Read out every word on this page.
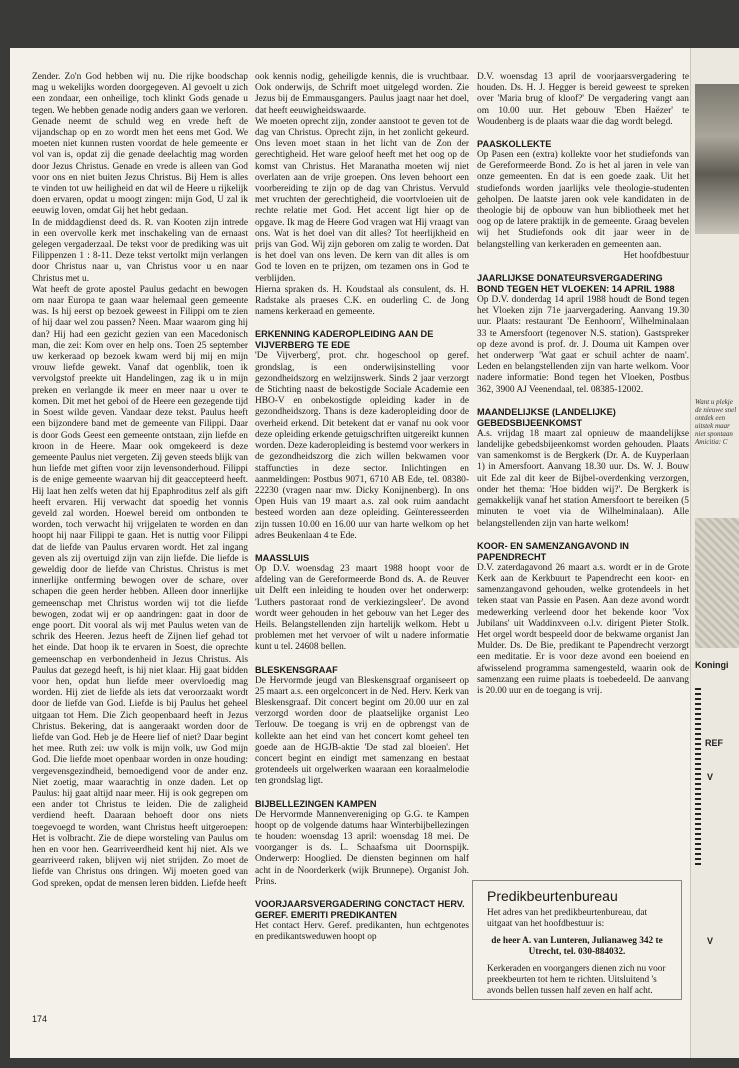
Zender. Zo'n God hebben wij nu. Die rijke boodschap mag u wekelijks worden doorgegeven. Al gevoelt u zich een zondaar, een onheilige, toch klinkt Gods genade u tegen. We hebben genade nodig anders gaan we verloren. Genade neemt de schuld weg en vrede heft de vijandschap op en zo wordt men het eens met God. We moeten niet kunnen rusten voordat de hele gemeente er vol van is, opdat zij die genade deelachtig mag worden door Jezus Christus. Genade en vrede is alleen van God voor ons en niet buiten Jezus Christus. Bij Hem is alles te vinden tot uw heiligheid en dat wil de Heere u rijkelijk doen ervaren, opdat u moogt zingen: mijn God, U zal ik eeuwig loven, omdat Gij het hebt gedaan.

In de middagdienst deed ds. R. van Kooten zijn intrede in een overvolle kerk met inschakeling van de ernaast gelegen vergaderzaal. De tekst voor de prediking was uit Filippenzen 1 : 8-11. Deze tekst vertolkt mijn verlangen door Christus naar u, van Christus voor u en naar Christus met u.

Wat heeft de grote apostel Paulus gedacht en bewogen om naar Europa te gaan waar helemaal geen gemeente was. Is hij eerst op bezoek geweest in Filippi om te zien of hij daar wel zou passen? Neen. Maar waarom ging hij dan? Hij had een gezicht gezien van een Macedonisch man, die zei: Kom over en help ons. Toen 25 september uw kerkeraad op bezoek kwam werd bij mij en mijn vrouw liefde gewekt. Vanaf dat ogenblik, toen ik vervolgstof preekte uit Handelingen, zag ik u in mijn preken en verlangde ik meer en meer naar u over te komen. Dit met het geboi of de Heere een gezegende tijd in Soest wilde geven. Vandaar deze tekst. Paulus heeft een bijzondere band met de gemeente van Filippi. Daar is door Gods Geest een gemeente ontstaan, zijn liefde en kroon in de Heere. Maar ook omgekeerd is deze gemeente Paulus niet vergeten. Zij geven steeds blijk van hun liefde met giften voor zijn levensonderhoud. Filippi is de enige gemeente waarvan hij dit geaccepteerd heeft. Hij laat hen zelfs weten dat hij Epaphroditus zelf als gift heeft ervaren. Hij verwacht dat spoedig het vonnis geveld zal worden. Hoewel bereid om ontbonden te worden, toch verwacht hij vrijgelaten te worden en dan hoopt hij naar Filippi te gaan. Het is nuttig voor Filippi dat de liefde van Paulus ervaren wordt. Het zal ingang geven als zij overtuigd zijn van zijn liefde. Die liefde is geweldig door de liefde van Christus. Christus is met innerlijke ontferming bewogen over de schare, over schapen die geen herder hebben. Alleen door innerlijke gemeenschap met Christus worden wij tot die liefde bewogen, zodat wij er op aandringen: gaat in door de enge poort. Dit vooral als wij met Paulus weten van de schrik des Heeren. Jezus heeft de Zijnen lief gehad tot het einde. Dat hoop ik te ervaren in Soest, die oprechte gemeenschap en verbondenheid in Jezus Christus. Als Paulus dat gezegd heeft, is hij niet klaar. Hij gaat bidden voor hen, opdat hun liefde meer overvloedig mag worden. Hij ziet de liefde als iets dat veroorzaakt wordt door de liefde van God. Liefde is bij Paulus het geheel uitgaan tot Hem. Die Zich geopenbaard heeft in Jezus Christus. Bekering, dat is aangeraakt worden door de liefde van God. Heb je de Heere lief of niet? Daar begint het mee. Ruth zei: uw volk is mijn volk, uw God mijn God. Die liefde moet openbaar worden in onze houding: vergevensgezindheid, bemoedigend voor de ander enz. Niet zoetig, maar waarachtig in onze daden. Let op Paulus: hij gaat altijd naar meer. Hij is ook gegrepen om een ander tot Christus te leiden. Die de zaligheid verdiend heeft. Daaraan behoeft door ons niets toegevoegd te worden, want Christus heeft uitgeroepen: Het is volbracht. Zie de diepe worsteling van Paulus om hen en voor hen. Gearriveerdheid kent hij niet. Als we gearriveerd raken, blijven wij niet strijden. Zo moet de liefde van Christus ons dringen. Wij moeten goed van God spreken, opdat de mensen leren bidden. Liefde heeft

ook kennis nodig, geheiligde kennis, die is vruchtbaar. Ook onderwijs, de Schrift moet uitgelegd worden. Zie Jezus bij de Emmausgangers. Paulus jaagt naar het doel, dat heeft eeuwigheidswaarde.

We moeten oprecht zijn, zonder aanstoot te geven tot de dag van Christus. Oprecht zijn, in het zonlicht gekeurd. Ons leven moet staan in het licht van de Zon der gerechtigheid. Het ware geloof heeft met het oog op de komst van Christus. Het Maranatha moeten wij niet overlaten aan de vrije groepen. Ons leven behoort een voorbereiding te zijn op de dag van Christus. Vervuld met vruchten der gerechtigheid, die voortvloeien uit de rechte relatie met God. Het accent ligt hier op de opgave. Ik mag de Heere God vragen wat Hij vraagt van ons. Wat is het doel van dit alles? Tot heerlijkheid en prijs van God. Wij zijn geboren om zalig te worden. Dat is het doel van ons leven. De kern van dit alles is om God te loven en te prijzen, om tezamen ons in God te verblijden.

Hierna spraken ds. H. Koudstaal als consulent, ds. H. Radstake als praeses C.K. en ouderling C. de Jong namens kerkeraad en gemeente.

ERKENNING KADEROPLEIDING AAN DE VIJVERBERG TE EDE

'De Vijverberg', prot. chr. hogeschool op geref. grondslag, is een onderwijsinstelling voor gezondheidszorg en welzijnswerk. Sinds 2 jaar verzorgt de Stichting naast de bekostigde Sociale Academie een HBO-V en onbekostigde opleiding kader in de gezondheidszorg. Thans is deze kaderopleiding door de overheid erkend. Dit betekent dat er vanaf nu ook voor deze opleiding erkende getuigschriften uitgereikt kunnen worden. Deze kaderopleiding is bestemd voor werkers in de gezondheidszorg die zich willen bekwamen voor staffuncties in deze sector. Inlichtingen en aanmeldingen: Postbus 9071, 6710 AB Ede, tel. 08380-22230 (vragen naar mw. Dicky Konijnenberg). In ons Open Huis van 19 maart a.s. zal ook ruim aandacht besteed worden aan deze opleiding. Geïnteresseerden zijn tussen 10.00 en 16.00 uur van harte welkom op het adres Beukenlaan 4 te Ede.

MAASSLUIS

Op D.V. woensdag 23 maart 1988 hoopt voor de afdeling van de Gereformeerde Bond ds. A. de Reuver uit Delft een inleiding te houden over het onderwerp: 'Luthers pastoraat rond de verkiezingsleer'. De avond wordt weer gehouden in het gebouw van het Leger des Heils. Belangstellenden zijn hartelijk welkom. Hebt u problemen met het vervoer of wilt u nadere informatie kunt u tel. 24608 bellen.

BLESKENSGRAAF

De Hervormde jeugd van Bleskensgraaf organiseert op 25 maart a.s. een orgelconcert in de Ned. Herv. Kerk van Bleskensgraaf. Dit concert begint om 20.00 uur en zal verzorgd worden door de plaatselijke organist Leo Terlouw. De toegang is vrij en de opbrengst van de kollekte aan het eind van het concert komt geheel ten goede aan de HGJB-aktie 'De stad zal bloeien'. Het concert begint en eindigt met samenzang en bestaat grotendeels uit orgelwerken waaraan een koraalmelodie ten grondslag ligt.

BIJBELLEZINGEN KAMPEN

De Hervormde Mannenvereniging op G.G. te Kampen hoopt op de volgende datums haar Winterbijbellezingen te houden: woensdag 13 april: woensdag 18 mei. De voorganger is ds. L. Schaafsma uit Doornspijk. Onderwerp: Hooglied. De diensten beginnen om half acht in de Noorderkerk (wijk Brunnepe). Organist Joh. Prins.

VOORJAARSVERGADERING CONCTACT HERV. GEREF. EMERITI PREDIKANTEN

Het contact Herv. Geref. predikanten, hun echtgenotes en predikantsweduwen hoopt op

D.V. woensdag 13 april de voorjaarsvergadering te houden. Ds. H. J. Hegger is bereid geweest te spreken over 'Maria brug of kloof?' De vergadering vangt aan om 10.00 uur. Het gebouw 'Eben Haëzer' te Woudenberg is de plaats waar die dag wordt belegd.

PAASKOLLEKTE

Op Pasen een (extra) kollekte voor het studiefonds van de Gereformeerde Bond. Zo is het al jaren in vele van onze gemeenten. En dat is een goede zaak. Uit het studiefonds worden jaarlijks vele theologie-studenten geholpen. De laatste jaren ook vele kandidaten in de theologie bij de opbouw van hun bibliotheek met het oog op de latere praktijk in de gemeente. Graag bevelen wij het Studiefonds ook dit jaar weer in de belangstelling van kerkeraden en gemeenten aan.

Het hoofdbestuur

JAARLIJKSE DONATEURSVERGADERING BOND TEGEN HET VLOEKEN: 14 APRIL 1988

Op D.V. donderdag 14 april 1988 houdt de Bond tegen het Vloeken zijn 71e jaarvergadering. Aanvang 19.30 uur. Plaats: restaurant 'De Eenhoorn', Wilhelminalaan 33 te Amersfoort (tegenover N.S. station). Gastspreker op deze avond is prof. dr. J. Douma uit Kampen over het onderwerp 'Wat gaat er schuil achter de naam'. Leden en belangstellenden zijn van harte welkom. Voor nadere informatie: Bond tegen het Vloeken, Postbus 362, 3900 AJ Veenendaal, tel. 08385-12002.

MAANDELIJKSE (LANDELIJKE) GEBEDSBIJEENKOMST

A.s. vrijdag 18 maart zal opnieuw de maandelijkse landelijke gebedsbijeenkomst worden gehouden. Plaats van samenkomst is de Bergkerk (Dr. A. de Kuyperlaan 1) in Amersfoort. Aanvang 18.30 uur. Ds. W. J. Bouw uit Ede zal dit keer de Bijbel-overdenking verzorgen, onder het thema: 'Hoe bidden wij?'. De Bergkerk is gemakkelijk vanaf het station Amersfoort te bereiken (5 minuten te voet via de Wilhelminalaan). Alle belangstellenden zijn van harte welkom!

KOOR- EN SAMENZANGAVOND IN PAPENDRECHT

D.V. zaterdagavond 26 maart a.s. wordt er in de Grote Kerk aan de Kerkbuurt te Papendrecht een koor- en samenzangavond gehouden, welke grotendeels in het teken staat van Passie en Pasen. Aan deze avond wordt medewerking verleend door het bekende koor 'Vox Jubilans' uit Waddinxveen o.l.v. dirigent Pieter Stolk. Het orgel wordt bespeeld door de bekwame organist Jan Mulder. Ds. De Bie, predikant te Papendrecht verzorgt een meditatie. Er is voor deze avond een boeiend en afwisselend programma samengesteld, waarin ook de samenzang een ruime plaats is toebedeeld. De aanvang is 20.00 uur en de toegang is vrij.

Predikbeurtenbureau
Het adres van het predikbeurtenbureau, dat uitgaat van het hoofdbestuur is:
de heer A. van Lunteren, Julianaweg 342 te Utrecht, tel. 030-884032.
Kerkeraden en voorgangers dienen zich nu voor preekbeurten tot hem te richten. Uitsluitend 's avonds bellen tussen half zeven en half acht.
174
Want u plekje de nieuwe snel ontdek een uitstek maar niet spontaan Amicitia: C
Koningi
REF
V
V
